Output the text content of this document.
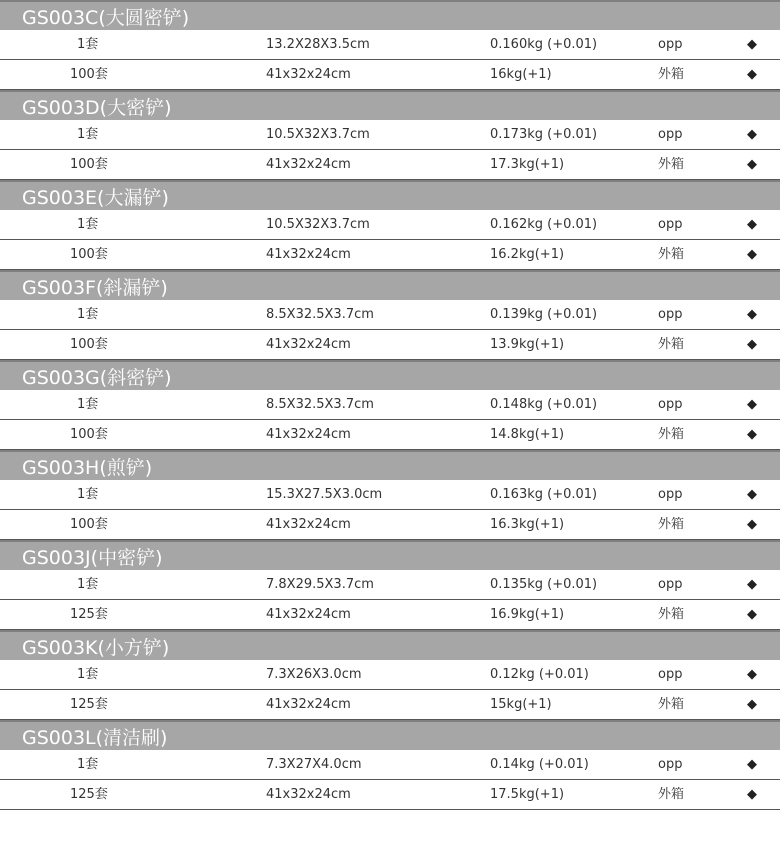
GS003C(大圆密铲)
1套	13.2X28X3.5cm	0.160kg (+0.01)	opp	◆
100套	41x32x24cm	16kg(+1)	外箱	◆
GS003D(大密铲)
1套	10.5X32X3.7cm	0.173kg (+0.01)	opp	◆
100套	41x32x24cm	17.3kg(+1)	外箱	◆
GS003E(大漏铲)
1套	10.5X32X3.7cm	0.162kg (+0.01)	opp	◆
100套	41x32x24cm	16.2kg(+1)	外箱	◆
GS003F(斜漏铲)
1套	8.5X32.5X3.7cm	0.139kg (+0.01)	opp	◆
100套	41x32x24cm	13.9kg(+1)	外箱	◆
GS003G(斜密铲)
1套	8.5X32.5X3.7cm	0.148kg (+0.01)	opp	◆
100套	41x32x24cm	14.8kg(+1)	外箱	◆
GS003H(煎铲)
1套	15.3X27.5X3.0cm	0.163kg (+0.01)	opp	◆
100套	41x32x24cm	16.3kg(+1)	外箱	◆
GS003J(中密铲)
1套	7.8X29.5X3.7cm	0.135kg (+0.01)	opp	◆
125套	41x32x24cm	16.9kg(+1)	外箱	◆
GS003K(小方铲)
1套	7.3X26X3.0cm	0.12kg (+0.01)	opp	◆
125套	41x32x24cm	15kg(+1)	外箱	◆
GS003L(清洁刷)
1套	7.3X27X4.0cm	0.14kg (+0.01)	opp	◆
125套	41x32x24cm	17.5kg(+1)	外箱	◆
